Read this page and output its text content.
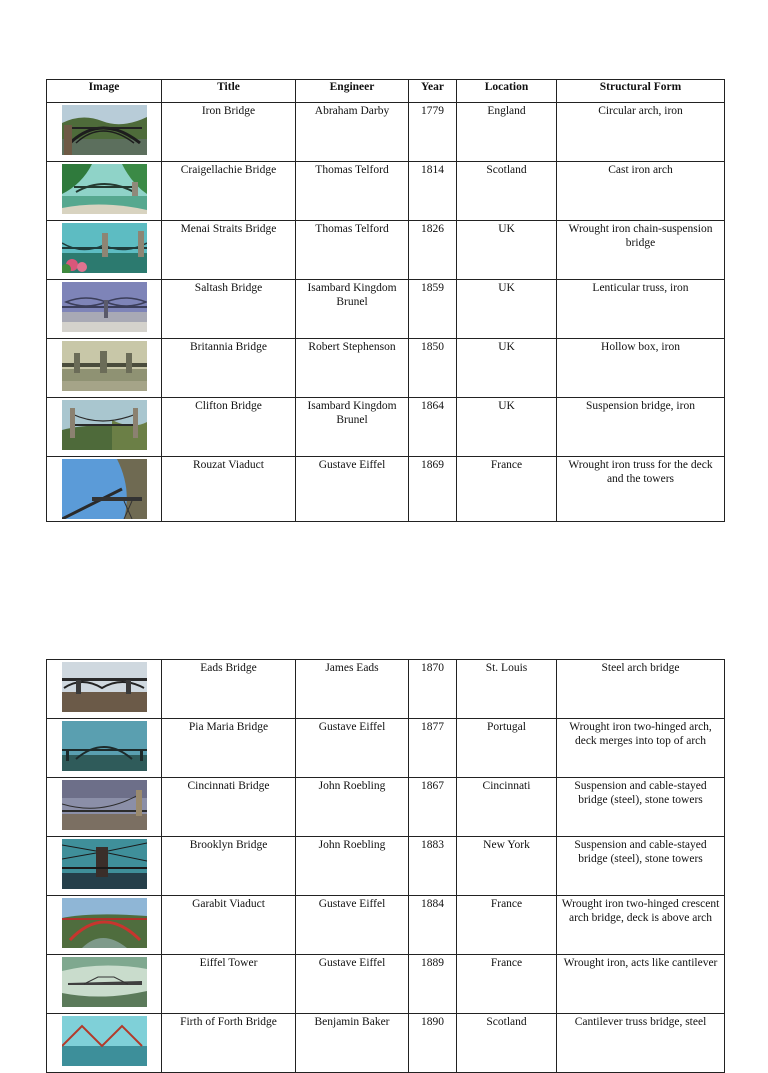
Image	Title	Engineer	Year	Location	Structural Form

	Iron Bridge	Abraham Darby	1779	England	Circular arch, iron

	Craigellachie Bridge	Thomas Telford	1814	Scotland	Cast iron arch

	Menai Straits Bridge	Thomas Telford	1826	UK	Wrought iron chain-suspension bridge

	Saltash Bridge	Isambard Kingdom Brunel	1859	UK	Lenticular truss, iron

	Britannia Bridge	Robert Stephenson	1850	UK	Hollow box, iron

	Clifton Bridge	Isambard Kingdom Brunel	1864	UK	Suspension bridge, iron

	Rouzat Viaduct	Gustave Eiffel	1869	France	Wrought iron truss for the deck and the towers
	Eads Bridge	James Eads	1870	St. Louis	Steel arch bridge

	Pia Maria Bridge	Gustave Eiffel	1877	Portugal	Wrought iron two-hinged arch, deck merges into top of arch

	Cincinnati Bridge	John Roebling	1867	Cincinnati	Suspension and cable-stayed bridge (steel), stone towers

	Brooklyn Bridge	John Roebling	1883	New York	Suspension and cable-stayed bridge (steel), stone towers

	Garabit Viaduct	Gustave Eiffel	1884	France	Wrought iron two-hinged crescent arch bridge, deck is above arch

	Eiffel Tower	Gustave Eiffel	1889	France	Wrought iron, acts like cantilever

	Firth of Forth Bridge	Benjamin Baker	1890	Scotland	Cantilever truss bridge, steel
